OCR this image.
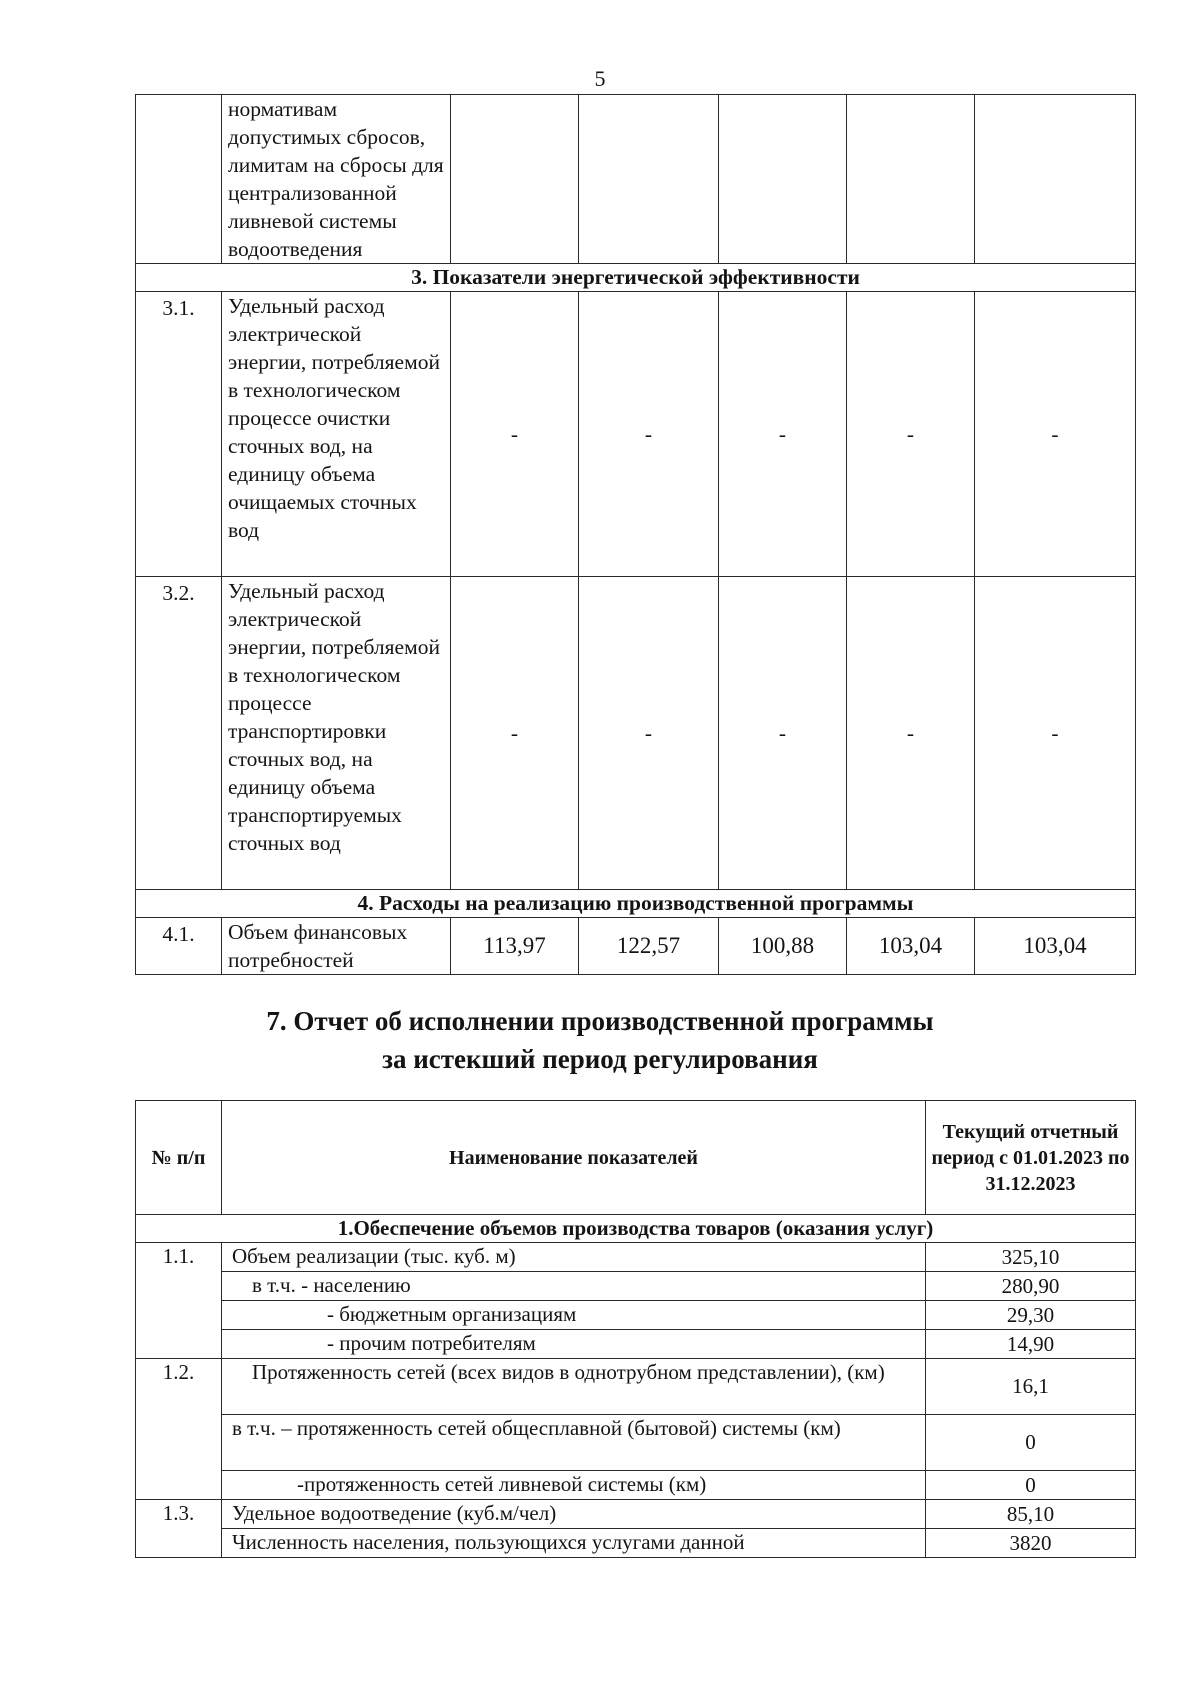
5
	нормативам допустимых сбросов, лимитам на сбросы для централизованной ливневой системы водоотведения					
3. Показатели энергетической эффективности						
3.1.	Удельный расход электрической энергии, потребляемой в технологическом процессе очистки сточных вод, на единицу объема очищаемых сточных вод	-	-	-	-	-
3.2.	Удельный расход электрической энергии, потребляемой в технологическом процессе транспортировки сточных вод, на единицу объема транспортируемых сточных вод	-	-	-	-	-
4. Расходы на реализацию производственной программы						
4.1.	Объем финансовых потребностей	113,97	122,57	100,88	103,04	103,04
7. Отчет об исполнении производственной программы
за истекший период регулирования
№ п/п	Наименование показателей	Текущий отчетный период с 01.01.2023 по 31.12.2023
1.Обеспечение объемов производства товаров (оказания услуг)		
1.1.	Объем реализации (тыс. куб. м)	325,10
	в т.ч. - населению	280,90
	- бюджетным организациям	29,30
	- прочим потребителям	14,90
1.2.	Протяженность сетей (всех видов в однотрубном представлении), (км)	16,1
	в т.ч. – протяженность сетей общесплавной (бытовой) системы (км)	0
	-протяженность сетей ливневой системы (км)	0
1.3.	Удельное водоотведение (куб.м/чел)	85,10
	Численность населения, пользующихся услугами данной	3820
